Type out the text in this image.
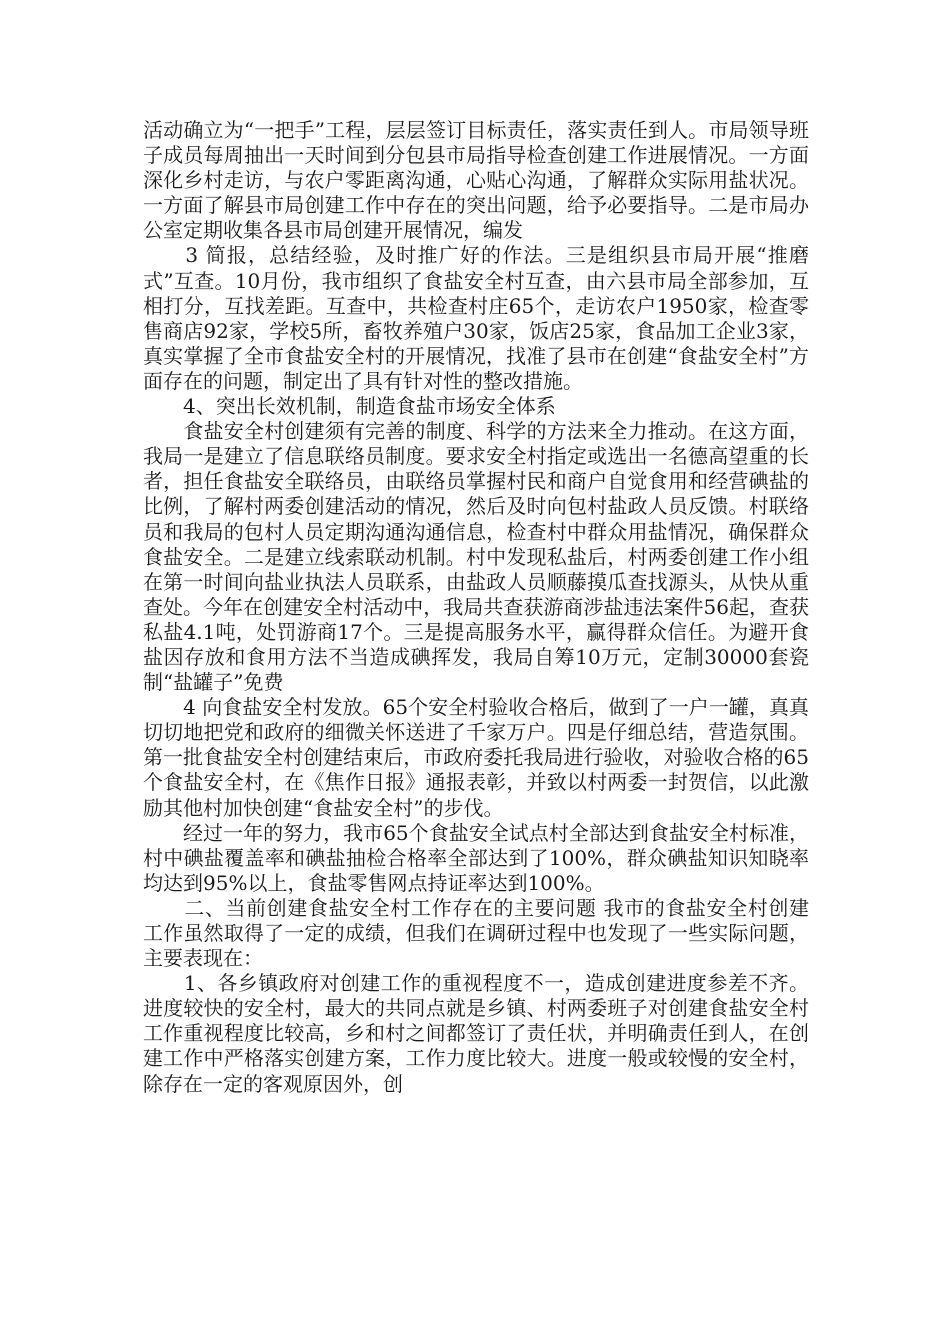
活动确立为“一把手”工程，层层签订目标责任，落实责任到人。市局领导班子成员每周抽出一天时间到分包县市局指导检查创建工作进展情况。一方面深化乡村走访，与农户零距离沟通，心贴心沟通，了解群众实际用盐状况。一方面了解县市局创建工作中存在的突出问题，给予必要指导。二是市局办公室定期收集各县市局创建开展情况，编发

　　3 简报，总结经验，及时推广好的作法。三是组织县市局开展“推磨式”互查。10月份，我市组织了食盐安全村互查，由六县市局全部参加，互相打分，互找差距。互查中，共检查村庄65个，走访农户1950家，检查零售商店92家，学校5所，畜牧养殖户30家，饭店25家，食品加工企业3家，真实掌握了全市食盐安全村的开展情况，找准了县市在创建“食盐安全村”方面存在的问题，制定出了具有针对性的整改措施。

　　4、突出长效机制，制造食盐市场安全体系

　　食盐安全村创建须有完善的制度、科学的方法来全力推动。在这方面，我局一是建立了信息联络员制度。要求安全村指定或选出一名德高望重的长者，担任食盐安全联络员，由联络员掌握村民和商户自觉食用和经营碘盐的比例，了解村两委创建活动的情况，然后及时向包村盐政人员反馈。村联络员和我局的包村人员定期沟通沟通信息，检查村中群众用盐情况，确保群众食盐安全。二是建立线索联动机制。村中发现私盐后，村两委创建工作小组在第一时间向盐业执法人员联系，由盐政人员顺藤摸瓜查找源头，从快从重查处。今年在创建安全村活动中，我局共查获游商涉盐违法案件56起，查获私盐4.1吨，处罚游商17个。三是提高服务水平，赢得群众信任。为避开食盐因存放和食用方法不当造成碘挥发，我局自筹10万元，定制30000套瓷制“盐罐子”免费

　　4 向食盐安全村发放。65个安全村验收合格后，做到了一户一罐，真真切切地把党和政府的细微关怀送进了千家万户。四是仔细总结，营造氛围。第一批食盐安全村创建结束后，市政府委托我局进行验收，对验收合格的65个食盐安全村，在《焦作日报》通报表彰，并致以村两委一封贺信，以此激励其他村加快创建“食盐安全村”的步伐。

　　经过一年的努力，我市65个食盐安全试点村全部达到食盐安全村标准，村中碘盐覆盖率和碘盐抽检合格率全部达到了100%，群众碘盐知识知晓率均达到95%以上，食盐零售网点持证率达到100%。

　　二、当前创建食盐安全村工作存在的主要问题 我市的食盐安全村创建工作虽然取得了一定的成绩，但我们在调研过程中也发现了一些实际问题，主要表现在：

　　1、各乡镇政府对创建工作的重视程度不一，造成创建进度参差不齐。进度较快的安全村，最大的共同点就是乡镇、村两委班子对创建食盐安全村工作重视程度比较高，乡和村之间都签订了责任状，并明确责任到人，在创建工作中严格落实创建方案，工作力度比较大。进度一般或较慢的安全村，除存在一定的客观原因外，创
